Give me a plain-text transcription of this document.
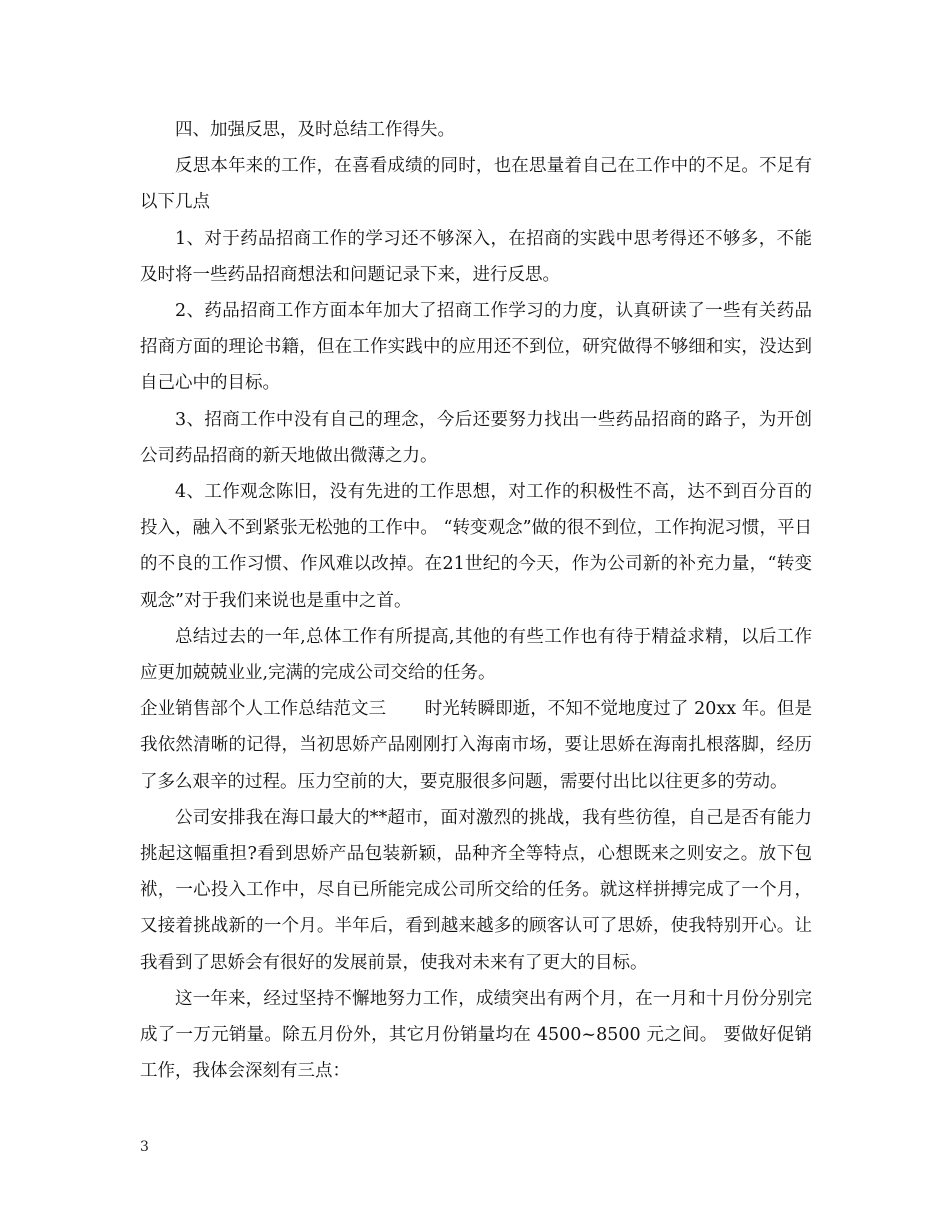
四、加强反思，及时总结工作得失。

反思本年来的工作，在喜看成绩的同时，也在思量着自己在工作中的不足。不足有以下几点

1、对于药品招商工作的学习还不够深入，在招商的实践中思考得还不够多，不能及时将一些药品招商想法和问题记录下来，进行反思。

2、药品招商工作方面本年加大了招商工作学习的力度，认真研读了一些有关药品招商方面的理论书籍，但在工作实践中的应用还不到位，研究做得不够细和实，没达到自己心中的目标。

3、招商工作中没有自己的理念，今后还要努力找出一些药品招商的路子，为开创公司药品招商的新天地做出微薄之力。

4、工作观念陈旧，没有先进的工作思想，对工作的积极性不高，达不到百分百的投入，融入不到紧张无松弛的工作中。 “转变观念”做的很不到位，工作拘泥习惯，平日的不良的工作习惯、作风难以改掉。在21世纪的今天，作为公司新的补充力量，“转变观念”对于我们来说也是重中之首。

总结过去的一年,总体工作有所提高,其他的有些工作也有待于精益求精，以后工作应更加兢兢业业,完满的完成公司交给的任务。

企业销售部个人工作总结范文三 时光转瞬即逝，不知不觉地度过了 20xx 年。但是我依然清晰的记得，当初思娇产品刚刚打入海南市场，要让思娇在海南扎根落脚，经历了多么艰辛的过程。压力空前的大，要克服很多问题，需要付出比以往更多的劳动。

公司安排我在海口最大的**超市，面对激烈的挑战，我有些彷徨，自己是否有能力挑起这幅重担?看到思娇产品包装新颖，品种齐全等特点，心想既来之则安之。放下包袱，一心投入工作中，尽自已所能完成公司所交给的任务。就这样拼搏完成了一个月，又接着挑战新的一个月。半年后，看到越来越多的顾客认可了思娇，使我特别开心。让我看到了思娇会有很好的发展前景，使我对未来有了更大的目标。

这一年来，经过坚持不懈地努力工作，成绩突出有两个月，在一月和十月份分别完成了一万元销量。除五月份外，其它月份销量均在 4500~8500 元之间。 要做好促销工作，我体会深刻有三点：

3
